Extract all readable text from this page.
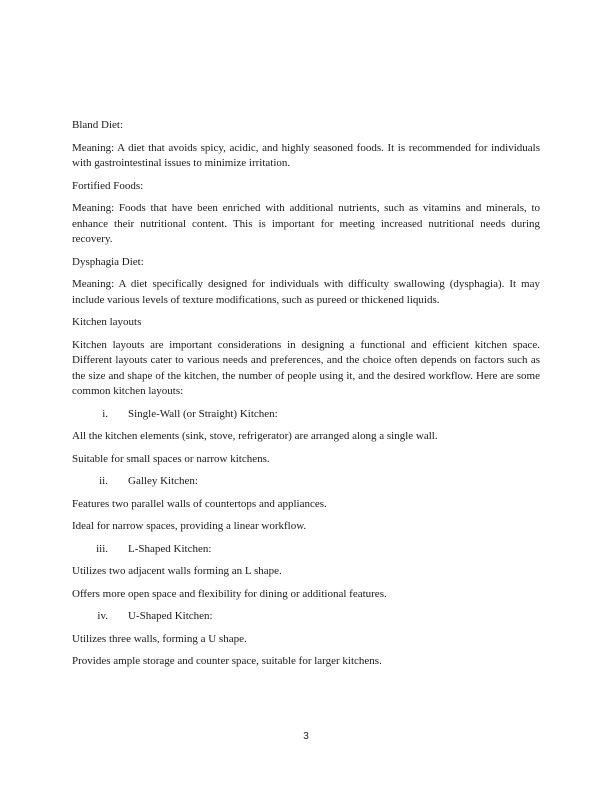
Bland Diet:

Meaning: A diet that avoids spicy, acidic, and highly seasoned foods. It is recommended for individuals with gastrointestinal issues to minimize irritation.

Fortified Foods:

Meaning: Foods that have been enriched with additional nutrients, such as vitamins and minerals, to enhance their nutritional content. This is important for meeting increased nutritional needs during recovery.

Dysphagia Diet:

Meaning: A diet specifically designed for individuals with difficulty swallowing (dysphagia). It may include various levels of texture modifications, such as pureed or thickened liquids.

Kitchen layouts

Kitchen layouts are important considerations in designing a functional and efficient kitchen space. Different layouts cater to various needs and preferences, and the choice often depends on factors such as the size and shape of the kitchen, the number of people using it, and the desired workflow. Here are some common kitchen layouts:

i.	Single-Wall (or Straight) Kitchen:

All the kitchen elements (sink, stove, refrigerator) are arranged along a single wall.

Suitable for small spaces or narrow kitchens.

ii.	Galley Kitchen:

Features two parallel walls of countertops and appliances.

Ideal for narrow spaces, providing a linear workflow.

iii.	L-Shaped Kitchen:

Utilizes two adjacent walls forming an L shape.

Offers more open space and flexibility for dining or additional features.

iv.	U-Shaped Kitchen:

Utilizes three walls, forming a U shape.

Provides ample storage and counter space, suitable for larger kitchens.

3
